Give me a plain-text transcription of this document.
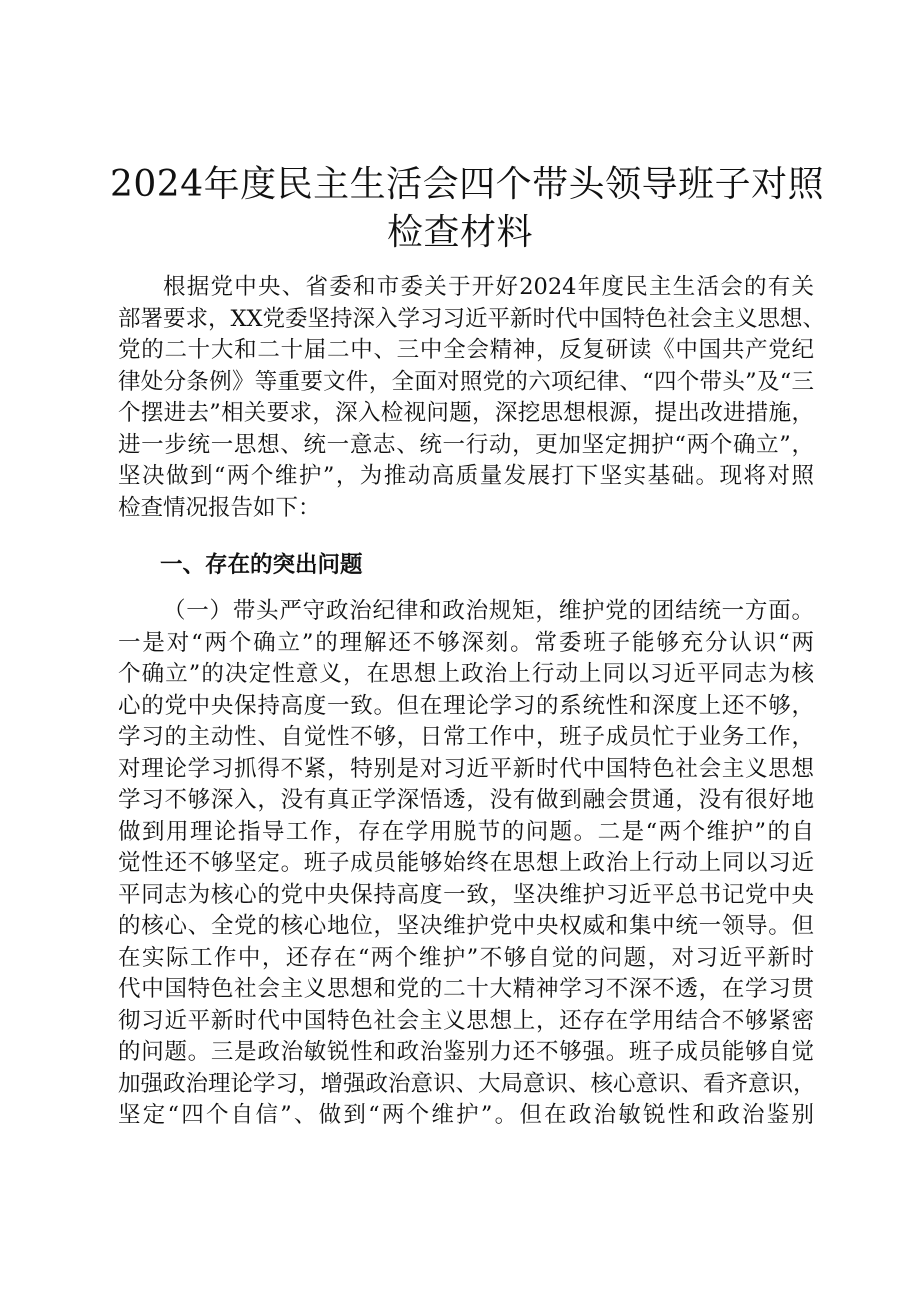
2024年度民主生活会四个带头领导班子对照
检查材料
根据党中央、省委和市委关于开好2024年度民主生活会的有关
部署要求，XX党委坚持深入学习习近平新时代中国特色社会主义思想、
党的二十大和二十届二中、三中全会精神，反复研读《中国共产党纪
律处分条例》等重要文件，全面对照党的六项纪律、“四个带头”及“三
个摆进去”相关要求，深入检视问题，深挖思想根源，提出改进措施，
进一步统一思想、统一意志、统一行动，更加坚定拥护“两个确立”，
坚决做到“两个维护”，为推动高质量发展打下坚实基础。现将对照
检查情况报告如下：
一、存在的突出问题
（一）带头严守政治纪律和政治规矩，维护党的团结统一方面。
一是对“两个确立”的理解还不够深刻。常委班子能够充分认识“两
个确立”的决定性意义，在思想上政治上行动上同以习近平同志为核
心的党中央保持高度一致。但在理论学习的系统性和深度上还不够，
学习的主动性、自觉性不够，日常工作中，班子成员忙于业务工作，
对理论学习抓得不紧，特别是对习近平新时代中国特色社会主义思想
学习不够深入，没有真正学深悟透，没有做到融会贯通，没有很好地
做到用理论指导工作，存在学用脱节的问题。二是“两个维护”的自
觉性还不够坚定。班子成员能够始终在思想上政治上行动上同以习近
平同志为核心的党中央保持高度一致，坚决维护习近平总书记党中央
的核心、全党的核心地位，坚决维护党中央权威和集中统一领导。但
在实际工作中，还存在“两个维护”不够自觉的问题，对习近平新时
代中国特色社会主义思想和党的二十大精神学习不深不透，在学习贯
彻习近平新时代中国特色社会主义思想上，还存在学用结合不够紧密
的问题。三是政治敏锐性和政治鉴别力还不够强。班子成员能够自觉
加强政治理论学习，增强政治意识、大局意识、核心意识、看齐意识，
坚定“四个自信”、做到“两个维护”。但在政治敏锐性和政治鉴别
